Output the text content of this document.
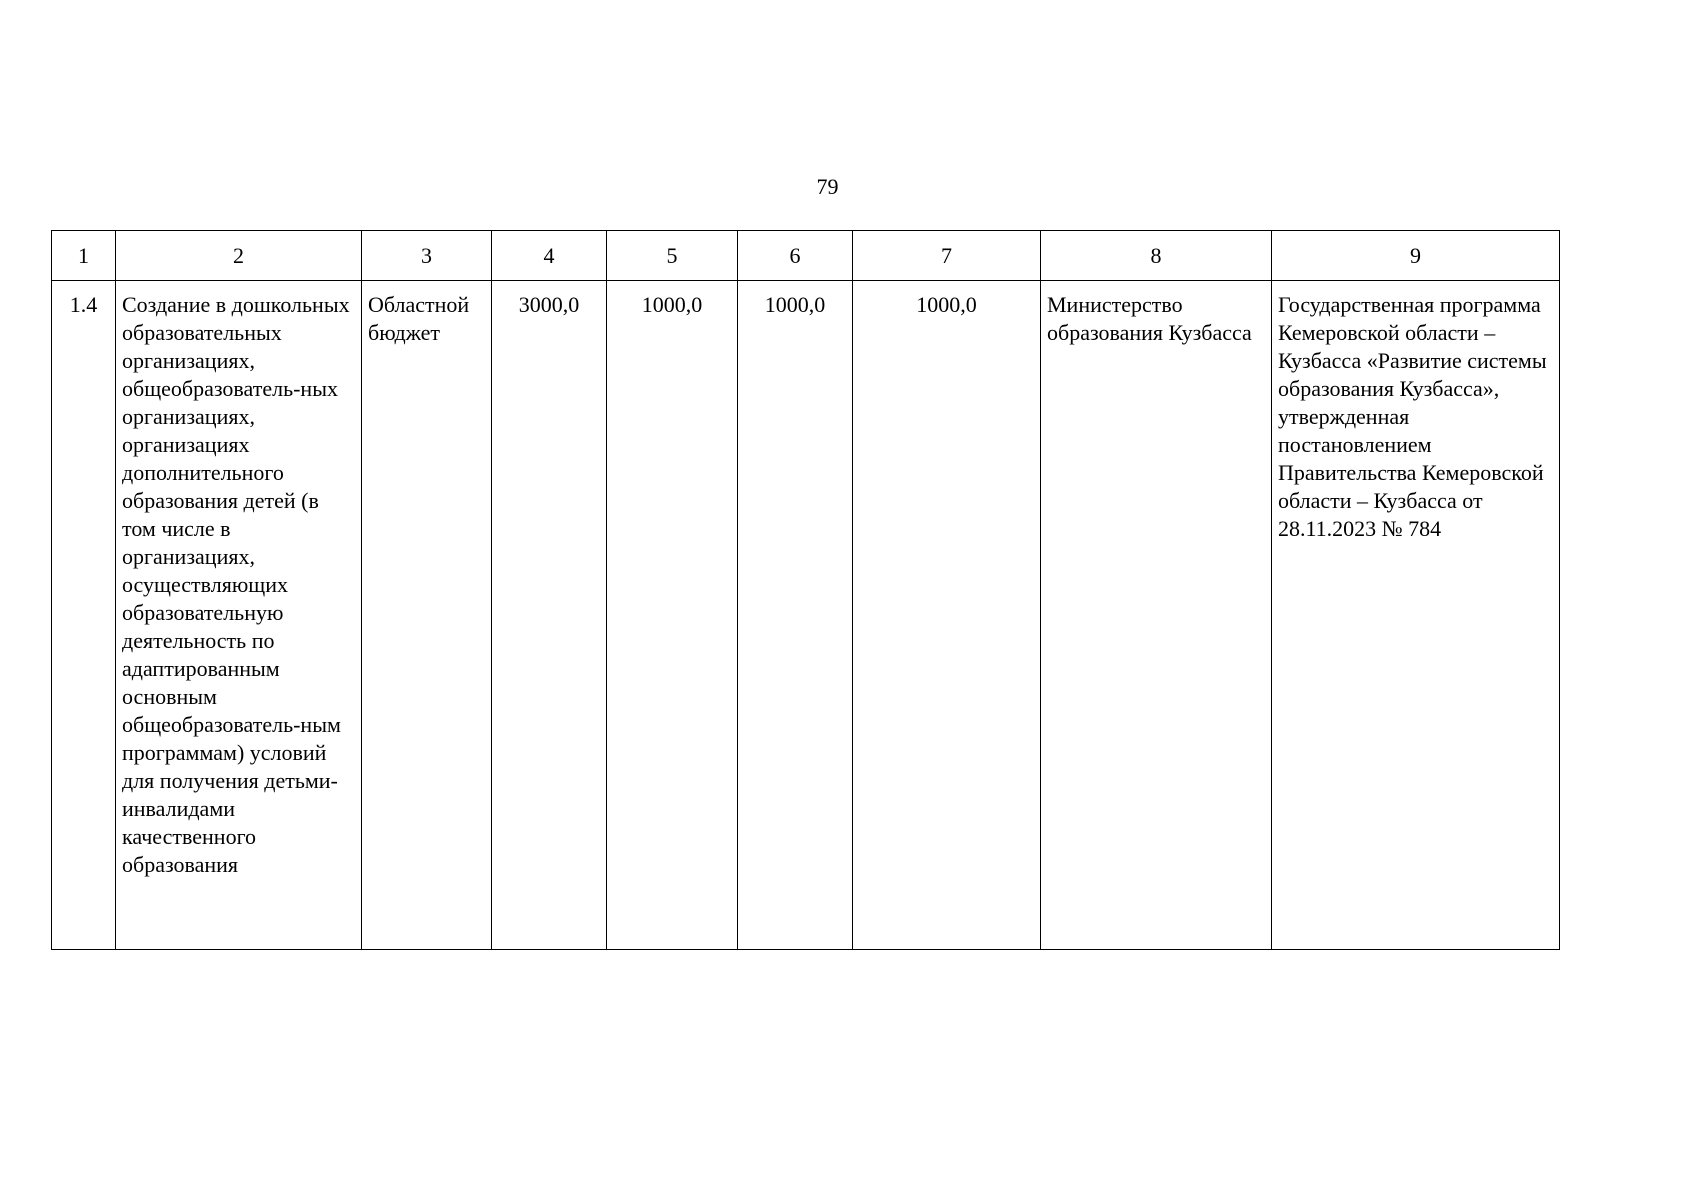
79
1	2	3	4	5	6	7	8	9
1.4	Создание в дошкольных образовательных организациях, общеобразователь-ных организациях, организациях дополнительного образования детей (в том числе в организациях, осуществляющих образовательную деятельность по адаптированным основным общеобразователь-ным программам) условий для получения детьми-инвалидами качественного образования	Областной бюджет	3000,0	1000,0	1000,0	1000,0	Министерство образования Кузбасса	Государственная программа Кемеровской области – Кузбасса «Развитие системы образования Кузбасса», утвержденная постановлением Правительства Кемеровской области – Кузбасса от 28.11.2023 № 784
